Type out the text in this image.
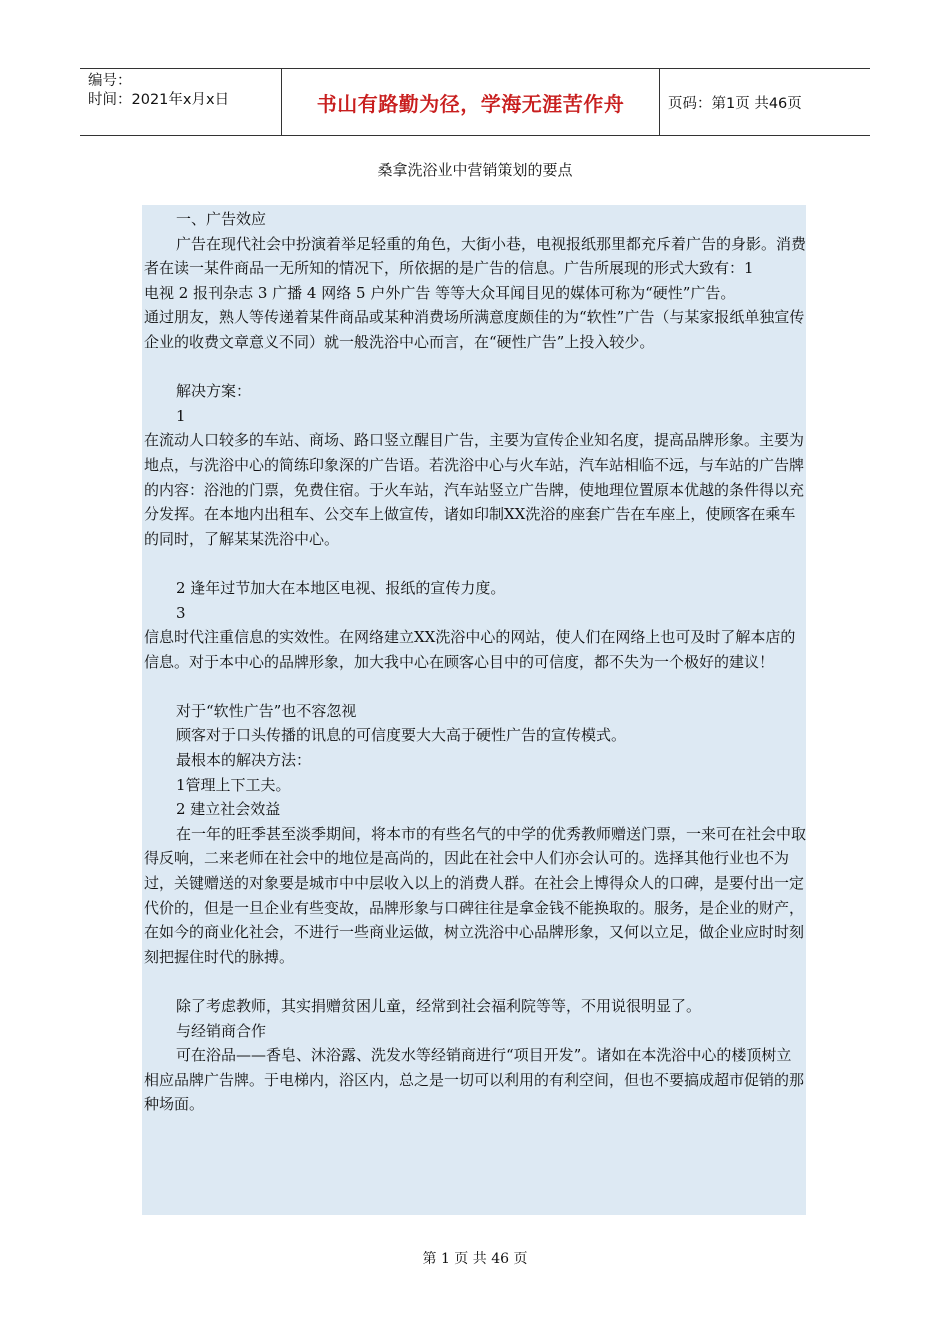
编号：
时间：2021年x月x日	书山有路勤为径，学海无涯苦作舟	页码：第1页 共46页
桑拿洗浴业中营销策划的要点

一、广告效应

广告在现代社会中扮演着举足轻重的角色，大街小巷，电视报纸那里都充斥着广告的身影。消费者在读一某件商品一无所知的情况下，所依据的是广告的信息。广告所展现的形式大致有：1

电视 2 报刊杂志 3 广播 4 网络 5 户外广告 等等大众耳闻目见的媒体可称为“硬性”广告。

通过朋友，熟人等传递着某件商品或某种消费场所满意度颇佳的为“软性”广告（与某家报纸单独宣传企业的收费文章意义不同）就一般洗浴中心而言，在“硬性广告”上投入较少。

解决方案：

1

在流动人口较多的车站、商场、路口竖立醒目广告，主要为宣传企业知名度，提高品牌形象。主要为地点，与洗浴中心的简练印象深的广告语。若洗浴中心与火车站，汽车站相临不远，与车站的广告牌的内容：浴池的门票，免费住宿。于火车站，汽车站竖立广告牌，使地理位置原本优越的条件得以充分发挥。在本地内出租车、公交车上做宣传，诸如印制XX洗浴的座套广告在车座上，使顾客在乘车的同时，了解某某洗浴中心。

2 逢年过节加大在本地区电视、报纸的宣传力度。

3

信息时代注重信息的实效性。在网络建立XX洗浴中心的网站，使人们在网络上也可及时了解本店的信息。对于本中心的品牌形象，加大我中心在顾客心目中的可信度，都不失为一个极好的建议！

对于“软性广告”也不容忽视

顾客对于口头传播的讯息的可信度要大大高于硬性广告的宣传模式。

最根本的解决方法：

1管理上下工夫。

2 建立社会效益

在一年的旺季甚至淡季期间，将本市的有些名气的中学的优秀教师赠送门票，一来可在社会中取得反响，二来老师在社会中的地位是高尚的，因此在社会中人们亦会认可的。选择其他行业也不为过，关键赠送的对象要是城市中中层收入以上的消费人群。在社会上博得众人的口碑，是要付出一定代价的，但是一旦企业有些变故，品牌形象与口碑往往是拿金钱不能换取的。服务，是企业的财产，在如今的商业化社会，不进行一些商业运做，树立洗浴中心品牌形象，又何以立足，做企业应时时刻刻把握住时代的脉搏。

除了考虑教师，其实捐赠贫困儿童，经常到社会福利院等等，不用说很明显了。

与经销商合作

可在浴品——香皂、沐浴露、洗发水等经销商进行“项目开发”。诸如在本洗浴中心的楼顶树立相应品牌广告牌。于电梯内，浴区内，总之是一切可以利用的有利空间，但也不要搞成超市促销的那种场面。

第 1 页 共 46 页
